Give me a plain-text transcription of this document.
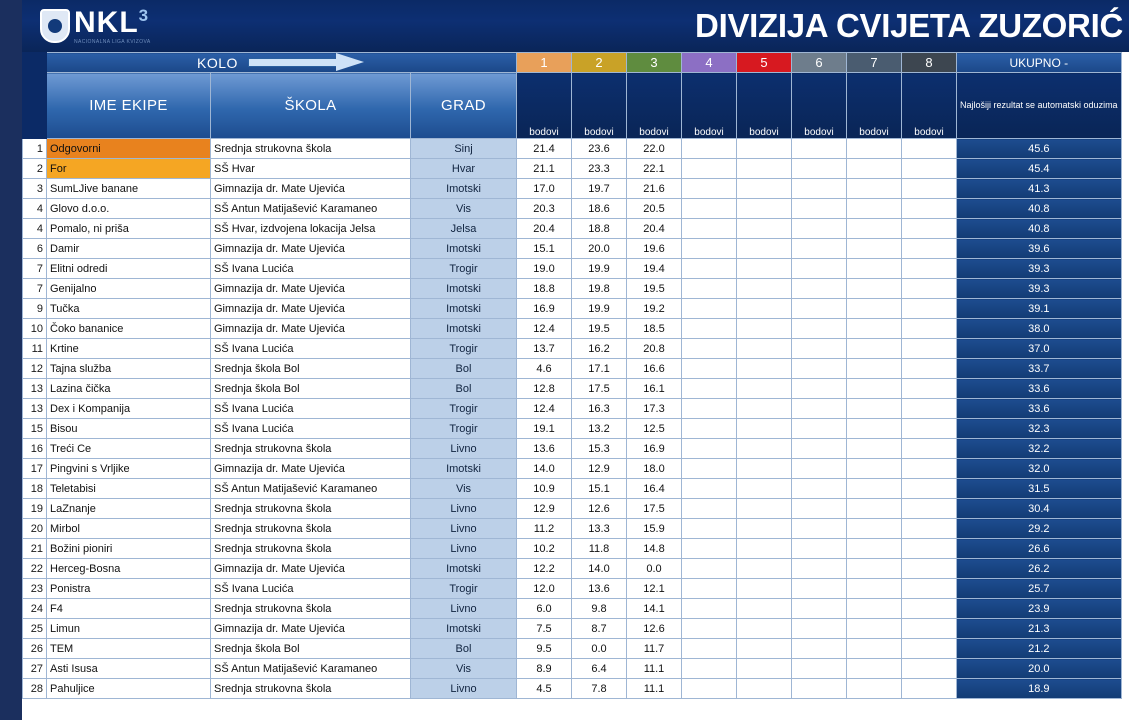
NKL$^3$
NACIONALNA LIGA KVIZOVA	DIVIZIJA CVIJETA ZUZORIĆ

	KOLO			1	2	3	4	5	6	7	8	UKUPNO -
	IME EKIPE	ŠKOLA	GRAD	bodovi	bodovi	bodovi	bodovi	bodovi	bodovi	bodovi	bodovi	Najlošiji rezultat se automatski oduzima
1	Odgovorni	Srednja strukovna škola	Sinj	21.4	23.6	22.0						45.6
2	For	SŠ Hvar	Hvar	21.1	23.3	22.1						45.4
3	SumLJive banane	Gimnazija dr. Mate Ujevića	Imotski	17.0	19.7	21.6						41.3
4	Glovo d.o.o.	SŠ Antun Matijašević Karamaneo	Vis	20.3	18.6	20.5						40.8
4	Pomalo, ni priša	SŠ Hvar, izdvojena lokacija Jelsa	Jelsa	20.4	18.8	20.4						40.8
6	Damir	Gimnazija dr. Mate Ujevića	Imotski	15.1	20.0	19.6						39.6
7	Elitni odredi	SŠ Ivana Lucića	Trogir	19.0	19.9	19.4						39.3
7	Genijalno	Gimnazija dr. Mate Ujevića	Imotski	18.8	19.8	19.5						39.3
9	Tučka	Gimnazija dr. Mate Ujevića	Imotski	16.9	19.9	19.2						39.1
10	Čoko bananice	Gimnazija dr. Mate Ujevića	Imotski	12.4	19.5	18.5						38.0
11	Krtine	SŠ Ivana Lucića	Trogir	13.7	16.2	20.8						37.0
12	Tajna služba	Srednja škola Bol	Bol	4.6	17.1	16.6						33.7
13	Lazina čička	Srednja škola Bol	Bol	12.8	17.5	16.1						33.6
13	Dex i Kompanija	SŠ Ivana Lucića	Trogir	12.4	16.3	17.3						33.6
15	Bisou	SŠ Ivana Lucića	Trogir	19.1	13.2	12.5						32.3
16	Treći Ce	Srednja strukovna škola	Livno	13.6	15.3	16.9						32.2
17	Pingvini s Vrljike	Gimnazija dr. Mate Ujevića	Imotski	14.0	12.9	18.0						32.0
18	Teletabisi	SŠ Antun Matijašević Karamaneo	Vis	10.9	15.1	16.4						31.5
19	LaZnanje	Srednja strukovna škola	Livno	12.9	12.6	17.5						30.4
20	Mirbol	Srednja strukovna škola	Livno	11.2	13.3	15.9						29.2
21	Božini pioniri	Srednja strukovna škola	Livno	10.2	11.8	14.8						26.6
22	Herceg-Bosna	Gimnazija dr. Mate Ujevića	Imotski	12.2	14.0	0.0						26.2
23	Ponistra	SŠ Ivana Lucića	Trogir	12.0	13.6	12.1						25.7
24	F4	Srednja strukovna škola	Livno	6.0	9.8	14.1						23.9
25	Limun	Gimnazija dr. Mate Ujevića	Imotski	7.5	8.7	12.6						21.3
26	TEM	Srednja škola Bol	Bol	9.5	0.0	11.7						21.2
27	Asti Isusa	SŠ Antun Matijašević Karamaneo	Vis	8.9	6.4	11.1						20.0
28	Pahuljice	Srednja strukovna škola	Livno	4.5	7.8	11.1						18.9
